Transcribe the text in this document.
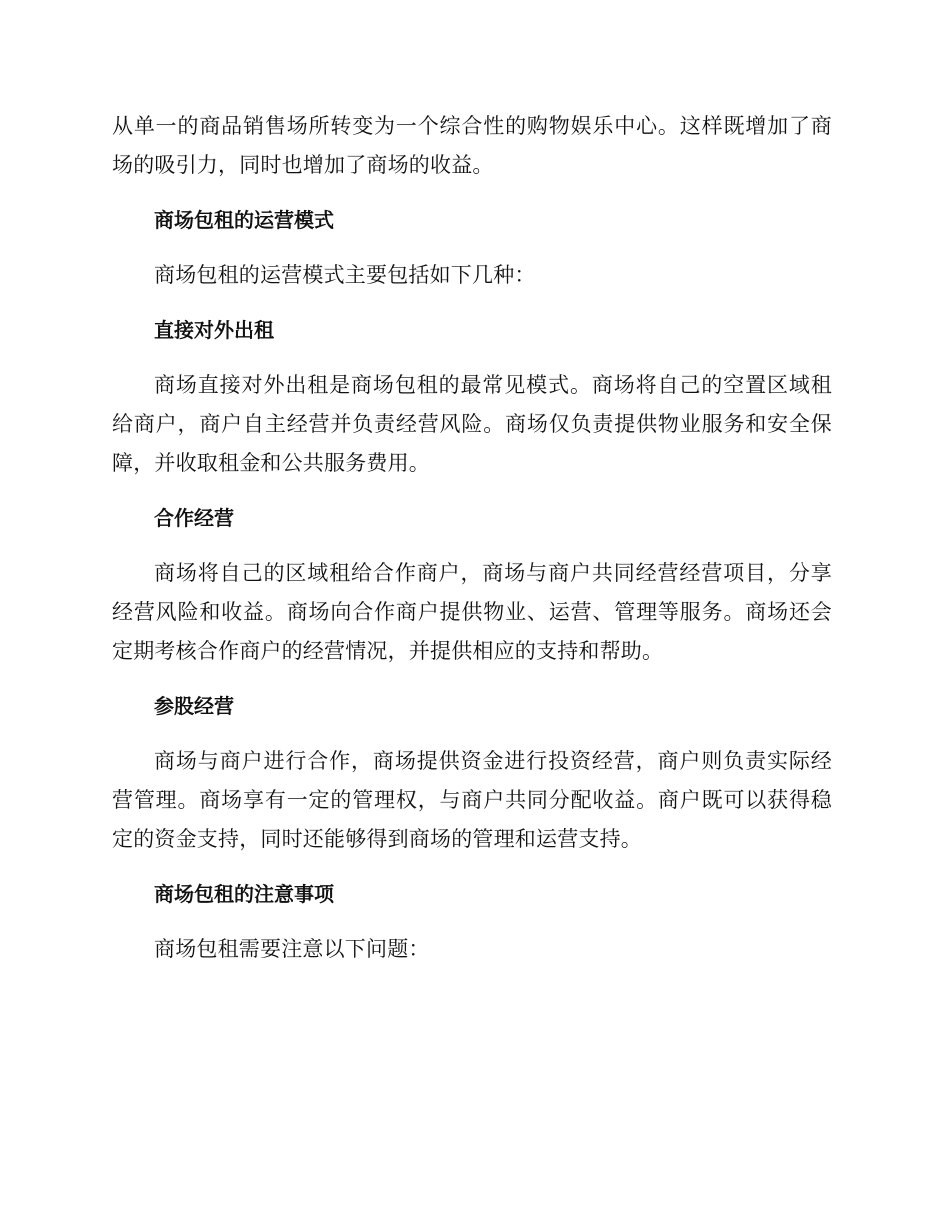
从单一的商品销售场所转变为一个综合性的购物娱乐中心。这样既增加了商场的吸引力，同时也增加了商场的收益。

商场包租的运营模式

商场包租的运营模式主要包括如下几种：

直接对外出租

商场直接对外出租是商场包租的最常见模式。商场将自己的空置区域租给商户，商户自主经营并负责经营风险。商场仅负责提供物业服务和安全保障，并收取租金和公共服务费用。

合作经营

商场将自己的区域租给合作商户，商场与商户共同经营经营项目，分享经营风险和收益。商场向合作商户提供物业、运营、管理等服务。商场还会定期考核合作商户的经营情况，并提供相应的支持和帮助。

参股经营

商场与商户进行合作，商场提供资金进行投资经营，商户则负责实际经营管理。商场享有一定的管理权，与商户共同分配收益。商户既可以获得稳定的资金支持，同时还能够得到商场的管理和运营支持。

商场包租的注意事项

商场包租需要注意以下问题：
